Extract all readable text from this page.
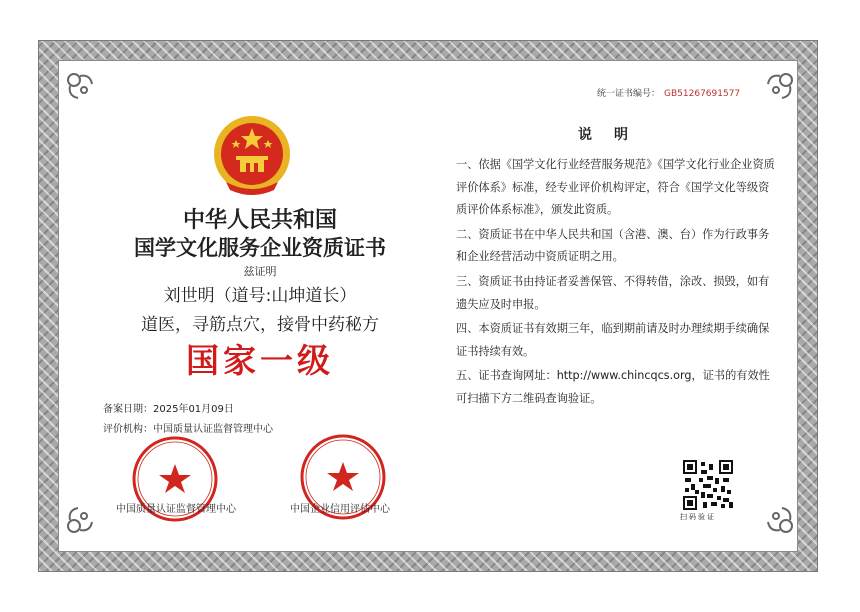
统一证书编号： GB51267691577
中华人民共和国
国学文化服务企业资质证书
兹证明
刘世明（道号:山坤道长）
道医，寻筋点穴，接骨中药秘方
国家一级
备案日期：2025年01月09日
评价机构：中国质量认证监督管理中心
中国质量认证监督管理中心	中国企业信用评估中心
说明

一、依据《国学文化行业经营服务规范》《国学文化行业企业资质评价体系》标准，经专业评价机构评定，符合《国学文化等级资质评价体系标准》，颁发此资质。

二、资质证书在中华人民共和国（含港、澳、台）作为行政事务和企业经营活动中资质证明之用。

三、资质证书由持证者妥善保管、不得转借，涂改、损毁，如有遗失应及时申报。

四、本资质证书有效期三年，临到期前请及时办理续期手续确保证书持续有效。

五、证书查询网址：http://www.chincqcs.org，证书的有效性可扫描下方二维码查询验证。

扫码验证
